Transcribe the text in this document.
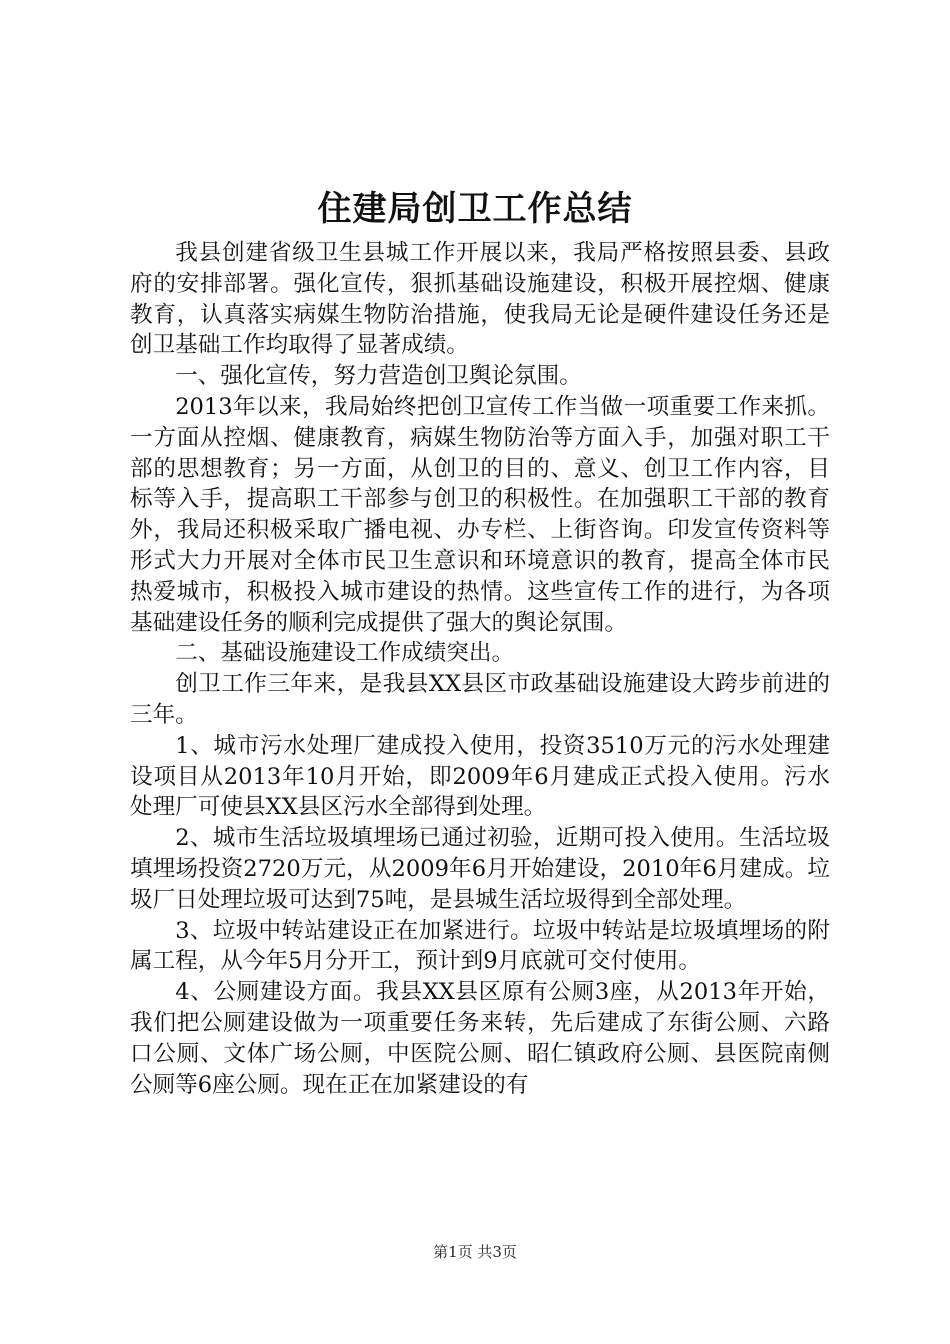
住建局创卫工作总结

我县创建省级卫生县城工作开展以来，我局严格按照县委、县政府的安排部署。强化宣传，狠抓基础设施建设，积极开展控烟、健康教育，认真落实病媒生物防治措施，使我局无论是硬件建设任务还是创卫基础工作均取得了显著成绩。

一、强化宣传，努力营造创卫舆论氛围。

2013年以来，我局始终把创卫宣传工作当做一项重要工作来抓。一方面从控烟、健康教育，病媒生物防治等方面入手，加强对职工干部的思想教育；另一方面，从创卫的目的、意义、创卫工作内容，目标等入手，提高职工干部参与创卫的积极性。在加强职工干部的教育外，我局还积极采取广播电视、办专栏、上街咨询。印发宣传资料等形式大力开展对全体市民卫生意识和环境意识的教育，提高全体市民热爱城市，积极投入城市建设的热情。这些宣传工作的进行，为各项基础建设任务的顺利完成提供了强大的舆论氛围。

二、基础设施建设工作成绩突出。

创卫工作三年来，是我县XX县区市政基础设施建设大跨步前进的三年。

1、城市污水处理厂建成投入使用，投资3510万元的污水处理建设项目从2013年10月开始，即2009年6月建成正式投入使用。污水处理厂可使县XX县区污水全部得到处理。

2、城市生活垃圾填埋场已通过初验，近期可投入使用。生活垃圾填埋场投资2720万元，从2009年6月开始建设，2010年6月建成。垃圾厂日处理垃圾可达到75吨，是县城生活垃圾得到全部处理。

3、垃圾中转站建设正在加紧进行。垃圾中转站是垃圾填埋场的附属工程，从今年5月分开工，预计到9月底就可交付使用。

4、公厕建设方面。我县XX县区原有公厕3座，从2013年开始，我们把公厕建设做为一项重要任务来转，先后建成了东街公厕、六路口公厕、文体广场公厕，中医院公厕、昭仁镇政府公厕、县医院南侧公厕等6座公厕。现在正在加紧建设的有

第1页 共3页
